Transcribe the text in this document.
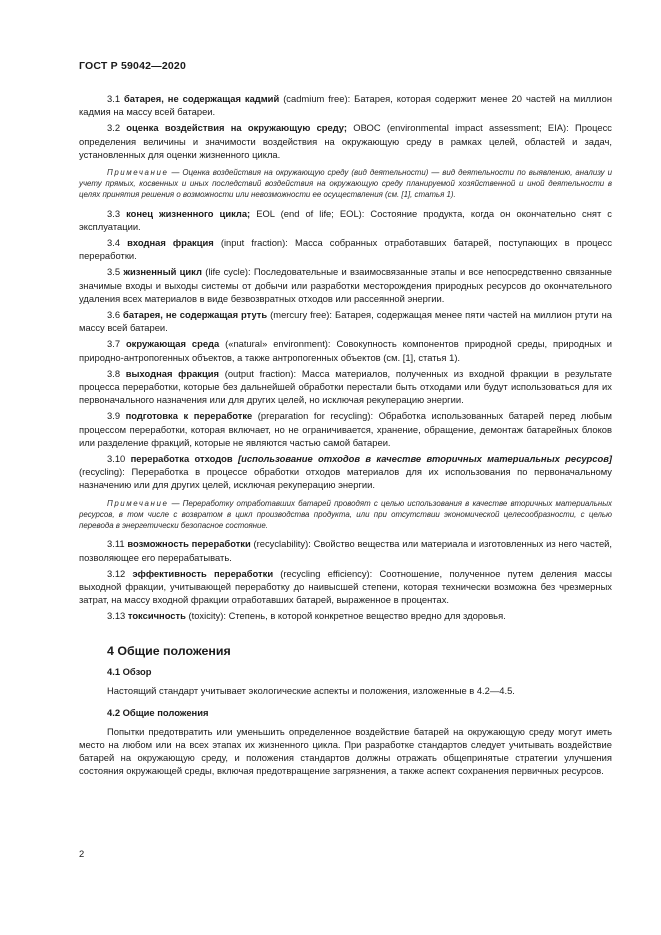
ГОСТ Р 59042—2020

3.1 батарея, не содержащая кадмий (cadmium free): Батарея, которая содержит менее 20 частей на миллион кадмия на массу всей батареи.

3.2 оценка воздействия на окружающую среду; ОВОС (environmental impact assessment; EIA): Процесс определения величины и значимости воздействия на окружающую среду в рамках целей, областей и задач, установленных для оценки жизненного цикла.

Примечание — Оценка воздействия на окружающую среду (вид деятельности) — вид деятельности по выявлению, анализу и учету прямых, косвенных и иных последствий воздействия на окружающую среду планируемой хозяйственной и иной деятельности в целях принятия решения о возможности или невозможности ее осуществления (см. [1], статья 1).

3.3 конец жизненного цикла; EOL (end of life; EOL): Состояние продукта, когда он окончательно снят с эксплуатации.

3.4 входная фракция (input fraction): Масса собранных отработавших батарей, поступающих в процесс переработки.

3.5 жизненный цикл (life cycle): Последовательные и взаимосвязанные этапы и все непосредственно связанные значимые входы и выходы системы от добычи или разработки месторождения природных ресурсов до окончательного удаления всех материалов в виде безвозвратных отходов или рассеянной энергии.

3.6 батарея, не содержащая ртуть (mercury free): Батарея, содержащая менее пяти частей на миллион ртути на массу всей батареи.

3.7 окружающая среда («natural» environment): Совокупность компонентов природной среды, природных и природно-антропогенных объектов, а также антропогенных объектов (см. [1], статья 1).

3.8 выходная фракция (output fraction): Масса материалов, полученных из входной фракции в результате процесса переработки, которые без дальнейшей обработки перестали быть отходами или будут использоваться для их первоначального назначения или для других целей, но исключая рекуперацию энергии.

3.9 подготовка к переработке (preparation for recycling): Обработка использованных батарей перед любым процессом переработки, которая включает, но не ограничивается, хранение, обращение, демонтаж батарейных блоков или разделение фракций, которые не являются частью самой батареи.

3.10 переработка отходов [использование отходов в качестве вторичных материальных ресурсов] (recycling): Переработка в процессе обработки отходов материалов для их использования по первоначальному назначению или для других целей, исключая рекуперацию энергии.

Примечание — Переработку отработавших батарей проводят с целью использования в качестве вторичных материальных ресурсов, в том числе с возвратом в цикл производства продукта, или при отсутствии экономической целесообразности, с целью перевода в энергетически безопасное состояние.

3.11 возможность переработки (recyclability): Свойство вещества или материала и изготовленных из него частей, позволяющее его перерабатывать.

3.12 эффективность переработки (recycling efficiency): Соотношение, полученное путем деления массы выходной фракции, учитывающей переработку до наивысшей степени, которая технически возможна без чрезмерных затрат, на массу входной фракции отработавших батарей, выраженное в процентах.

3.13 токсичность (toxicity): Степень, в которой конкретное вещество вредно для здоровья.

4 Общие положения
4.1 Обзор

Настоящий стандарт учитывает экологические аспекты и положения, изложенные в 4.2—4.5.

4.2 Общие положения

Попытки предотвратить или уменьшить определенное воздействие батарей на окружающую среду могут иметь место на любом или на всех этапах их жизненного цикла. При разработке стандартов следует учитывать воздействие батарей на окружающую среду, и положения стандартов должны отражать общепринятые стратегии улучшения состояния окружающей среды, включая предотвращение загрязнения, а также аспект сохранения первичных ресурсов.

2
